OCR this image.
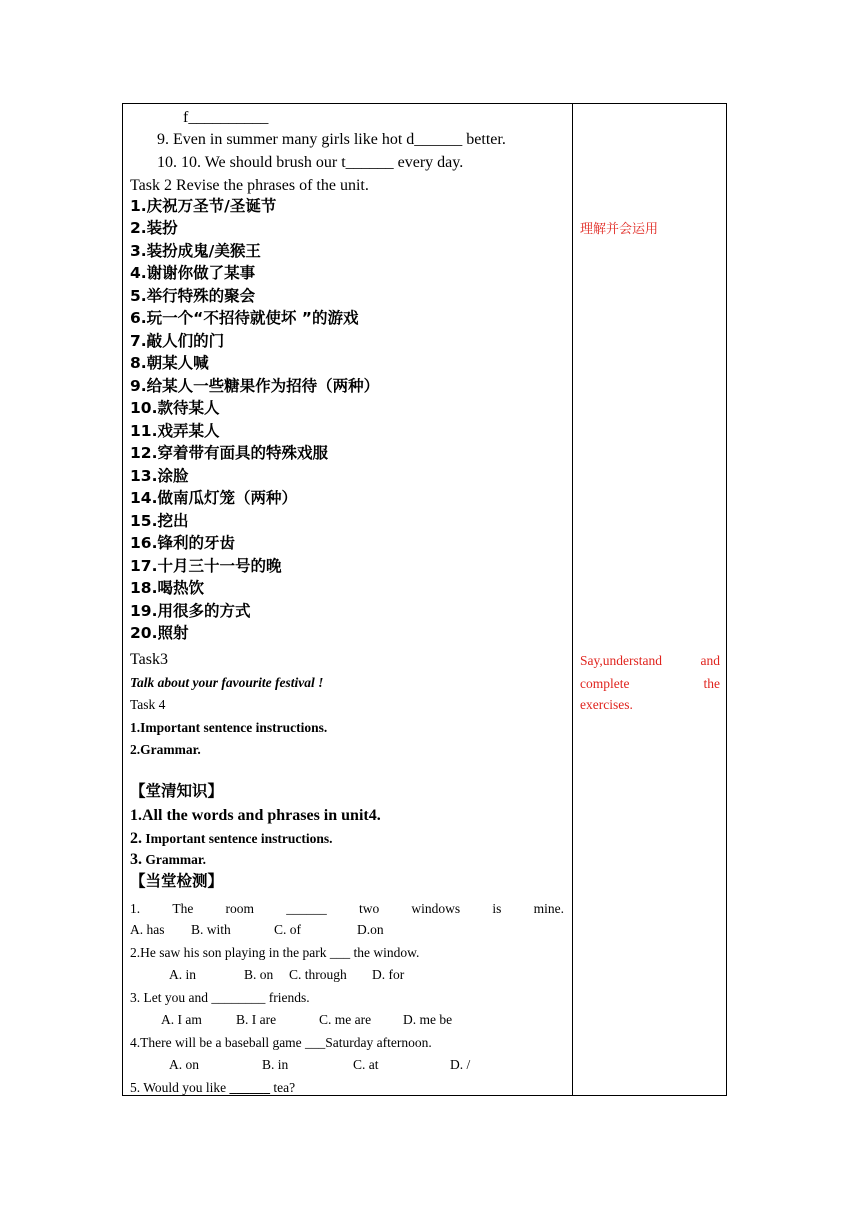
f__________
9. Even in summer many girls like hot d______ better.
10. 10. We should brush our t______ every day.
Task 2 Revise the phrases of the unit.
1.庆祝万圣节/圣诞节
2.装扮
3.装扮成鬼/美猴王
4.谢谢你做了某事
5.举行特殊的聚会
6.玩一个“不招待就使坏 ”的游戏
7.敲人们的门
8.朝某人喊
9.给某人一些糖果作为招待（两种）
10.款待某人
11.戏弄某人
12.穿着带有面具的特殊戏服
13.涂脸
14.做南瓜灯笼（两种）
15.挖出
16.锋利的牙齿
17.十月三十一号的晚
18.喝热饮
19.用很多的方式
20.照射
Task3
Talk about your favourite festival !
Task 4
1.Important sentence instructions.
2.Grammar.
【堂清知识】
1.All the words and phrases in unit4.
2. Important sentence instructions.
3. Grammar.
【当堂检测】
1. The room ______ two windows is mine.
A. has B. with	C. of	D.on
2.He saw his son playing in the park ___ the window.
A. in	B. on C. through D. for
3. Let you and ________ friends.
A. I am	B. I are	C. me are D. me be
4.There will be a baseball game ___Saturday afternoon.
A. on	B. in	C. at	D. /
5. Would you like ______ tea?
理解并会运用
Say,understand	and
complete	the
exercises.
